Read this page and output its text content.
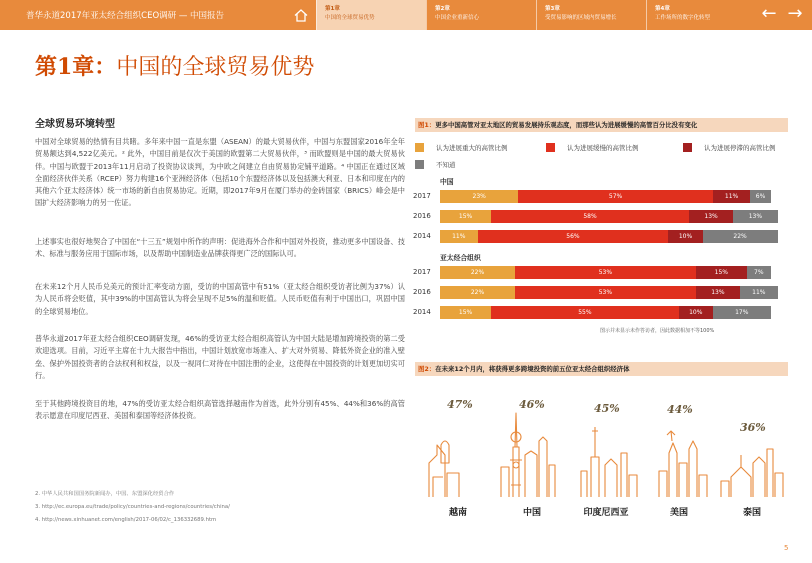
普华永道2017年亚太经合组织CEO调研 — 中国报告
第1章
中国的全球贸易优势
第2章
中国企业重新信心
第3章
受贸易影响的区域内贸易增长
第4章
工作场所的数字化转型	← →
第1章：中国的全球贸易优势
全球贸易环境转型
中国对全球贸易的热情有目共睹。多年来中国一直是东盟（ASEAN）的最大贸易伙伴，中国与东盟国家2016年全年贸易额达到4,522亿美元。² 此外，中国目前是仅次于美国的欧盟第二大贸易伙伴，³ 而欧盟则是中国的最大贸易伙伴。中国与欧盟于2013年11月启动了投资协议谈判，为中欧之间建立自由贸易协定铺平道路。⁴ 中国正在通过区域全面经济伙伴关系（RCEP）努力构建16个亚洲经济体（包括10个东盟经济体以及包括澳大利亚、日本和印度在内的其他六个亚太经济体）统一市场的新自由贸易协定。近期，即2017年9月在厦门举办的金砖国家（BRICS）峰会是中国扩大经济影响力的另一佐证。
上述事实也很好地契合了中国在“十三五”规划中所作的声明：促进海外合作和中国对外投资，推动更多中国设备、技术、标准与服务应用于国际市场，以及帮助中国制造业品牌获得更广泛的国际认可。
在未来12个月人民币兑美元的预计汇率变动方面，受访的中国高管中有51%（亚太经合组织受访者比例为37%）认为人民币将会贬值，其中39%的中国高管认为将会呈现不足5%的温和贬值。人民币贬值有利于中国出口，巩固中国的全球贸易地位。
普华永道2017年亚太经合组织CEO调研发现，46%的受访亚太经合组织高管认为中国大陆是增加跨境投资的第二受欢迎选项。目前，习近平主席在十九大报告中指出，中国计划放宽市场准入、扩大对外贸易、降低外资企业的准入壁垒、保护外国投资者的合法权利和权益，以及一视同仁对待在中国注册的企业，这使得在中国投资的计划更加切实可行。
至于其他跨境投资目的地，47%的受访亚太经合组织高管选择越南作为首选，此外分别有45%、44%和36%的高管表示愿意在印度尼西亚、美国和泰国等经济体投资。
2. 中华人民共和国国务院新闻办，中国、东盟深化经贸合作
3. http://ec.europa.eu/trade/policy/countries-and-regions/countries/china/
4. http://news.xinhuanet.com/english/2017-06/02/c_136332689.htm
5
图1：更多中国高管对亚太地区的贸易发展持乐观态度，而那些认为进展缓慢的高管百分比没有变化
认为进展重大的高管比例	认为进展缓慢的高管比例	认为进展停滞的高管比例
不知道
中国
2017	23%	57%	11%	6%
2016	15%	58%	13%	13%
2014	11%	56%	10%	22%
亚太经合组织
2017	22%	53%	15%	7%
2016	22%	53%	13%	11%
2014	15%	55%	10%	17%
图示并未显示未作答访者，因此数据相加不等100%
图2：在未来12个月内，将获得更多跨境投资的前五位亚太经合组织经济体
47%	46%	45%	44%
36%
越南	中国	印度尼西亚	美国	泰国
